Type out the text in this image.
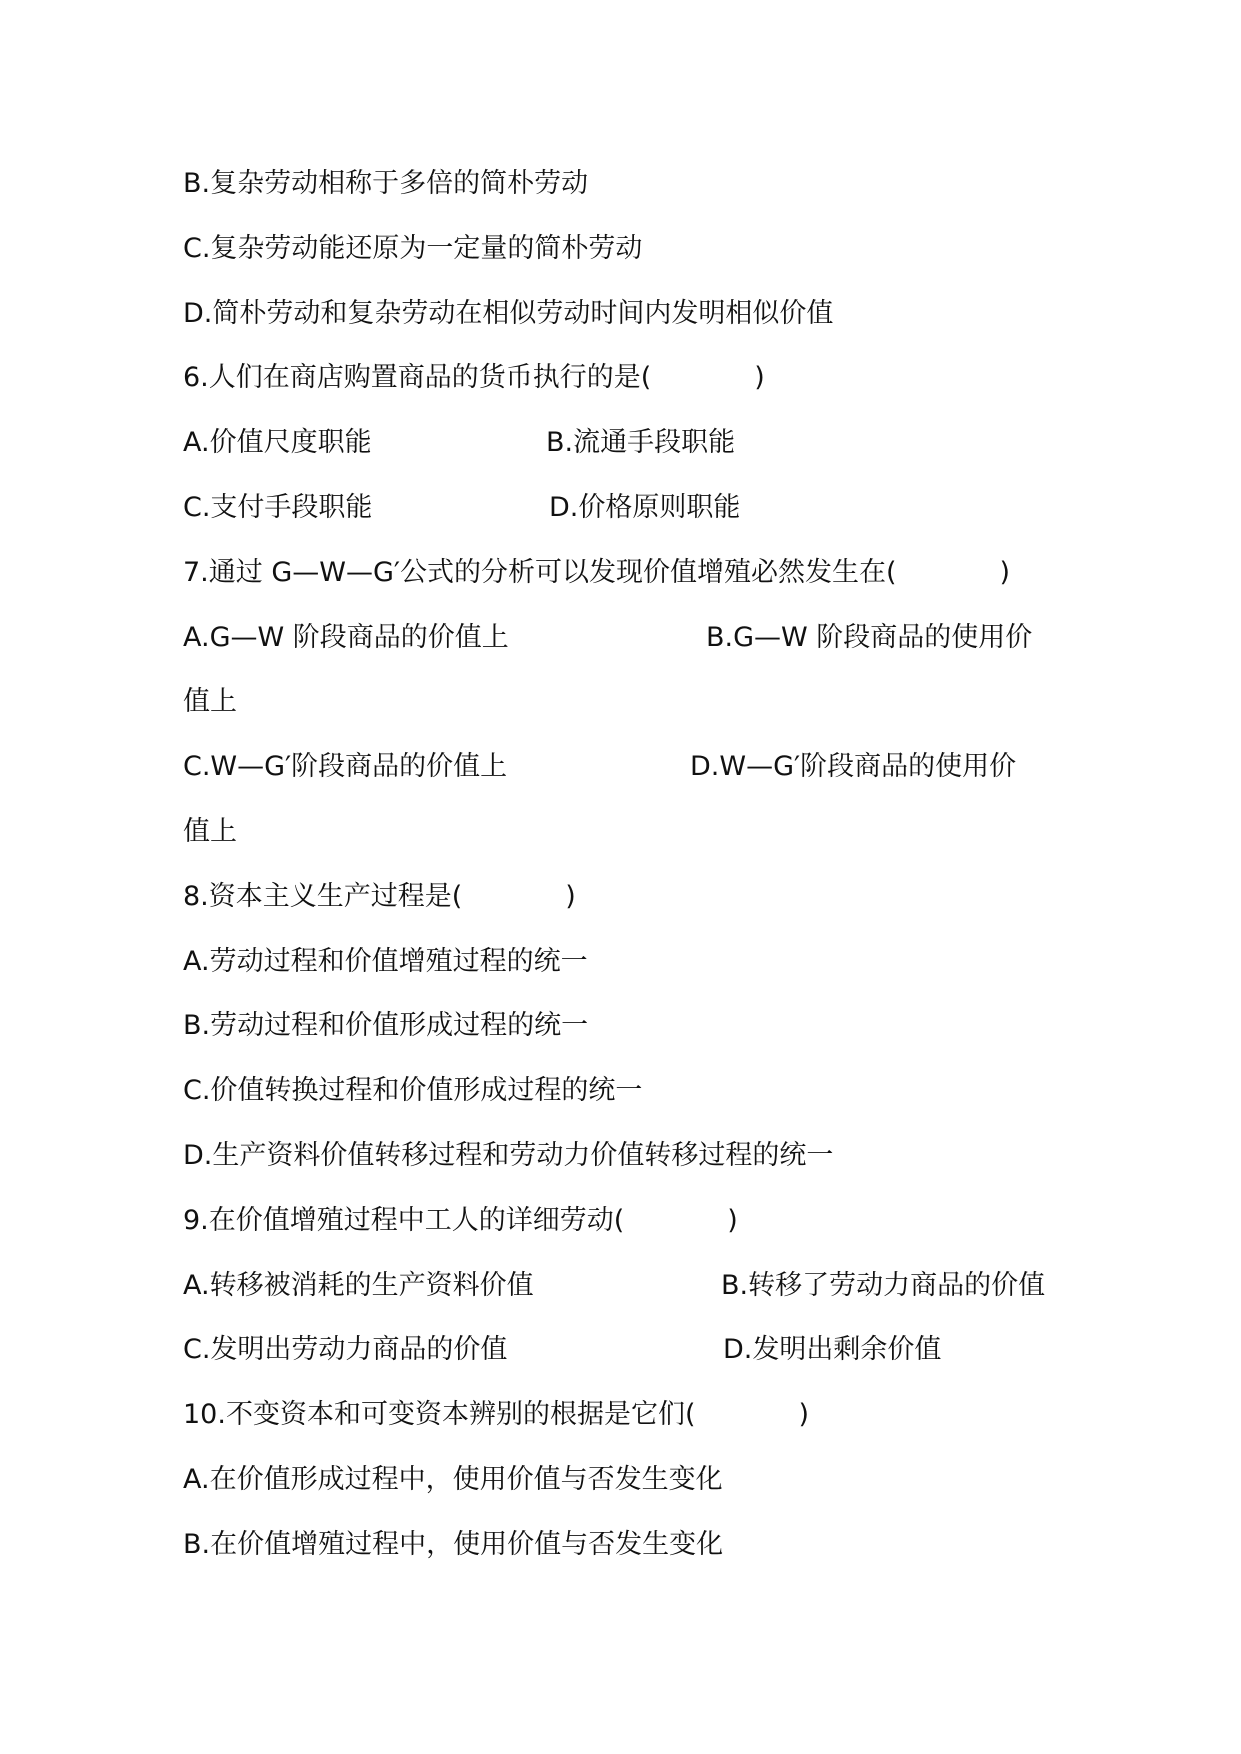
B.复杂劳动相称于多倍的简朴劳动
C.复杂劳动能还原为一定量的简朴劳动
D.简朴劳动和复杂劳动在相似劳动时间内发明相似价值
6.人们在商店购置商品的货币执行的是(            )
A.价值尺度职能	B.流通手段职能
C.支付手段职能	D.价格原则职能
7.通过 G—W—G′公式的分析可以发现价值增殖必然发生在(            )
A.G—W 阶段商品的价值上	B.G—W 阶段商品的使用价
值上
C.W—G′阶段商品的价值上	D.W—G′阶段商品的使用价
值上
8.资本主义生产过程是(            )
A.劳动过程和价值增殖过程的统一
B.劳动过程和价值形成过程的统一
C.价值转换过程和价值形成过程的统一
D.生产资料价值转移过程和劳动力价值转移过程的统一
9.在价值增殖过程中工人的详细劳动(            )
A.转移被消耗的生产资料价值	B.转移了劳动力商品的价值
C.发明出劳动力商品的价值	D.发明出剩余价值
10.不变资本和可变资本辨别的根据是它们(            )
A.在价值形成过程中，使用价值与否发生变化
B.在价值增殖过程中，使用价值与否发生变化
